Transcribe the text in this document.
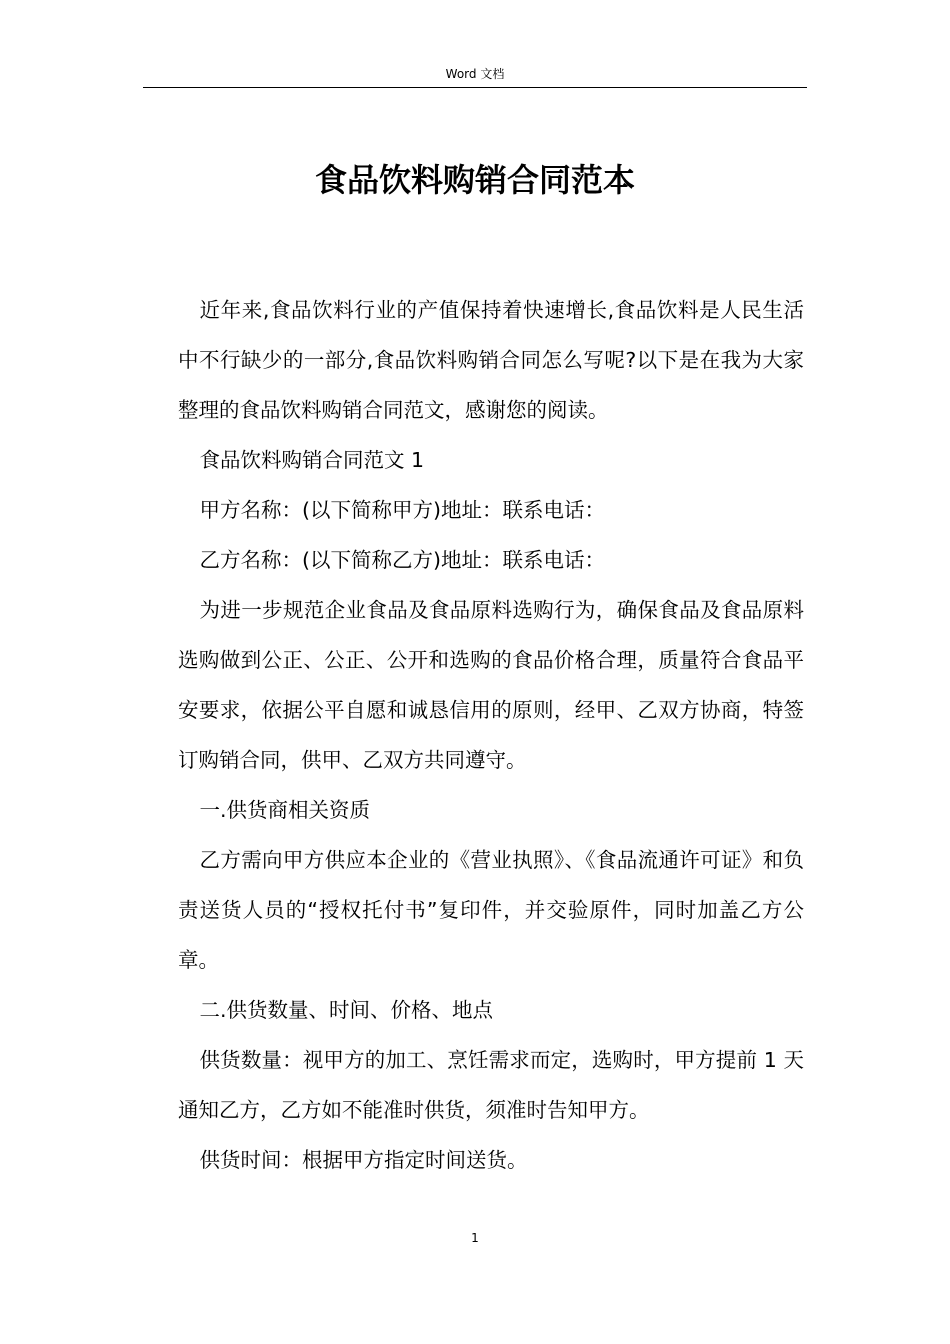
Word 文档
食品饮料购销合同范本

近年来,食品饮料行业的产值保持着快速增长,食品饮料是人民生活中不行缺少的一部分,食品饮料购销合同怎么写呢?以下是在我为大家整理的食品饮料购销合同范文，感谢您的阅读。

食品饮料购销合同范文 1

甲方名称：(以下简称甲方)地址：联系电话：

乙方名称：(以下简称乙方)地址：联系电话：

为进一步规范企业食品及食品原料选购行为，确保食品及食品原料选购做到公正、公正、公开和选购的食品价格合理，质量符合食品平安要求，依据公平自愿和诚恳信用的原则，经甲、乙双方协商，特签订购销合同，供甲、乙双方共同遵守。

一.供货商相关资质

乙方需向甲方供应本企业的《营业执照》、《食品流通许可证》和负责送货人员的“授权托付书”复印件，并交验原件，同时加盖乙方公章。

二.供货数量、时间、价格、地点

供货数量：视甲方的加工、烹饪需求而定，选购时，甲方提前 1 天通知乙方，乙方如不能准时供货，须准时告知甲方。

供货时间：根据甲方指定时间送货。

1
